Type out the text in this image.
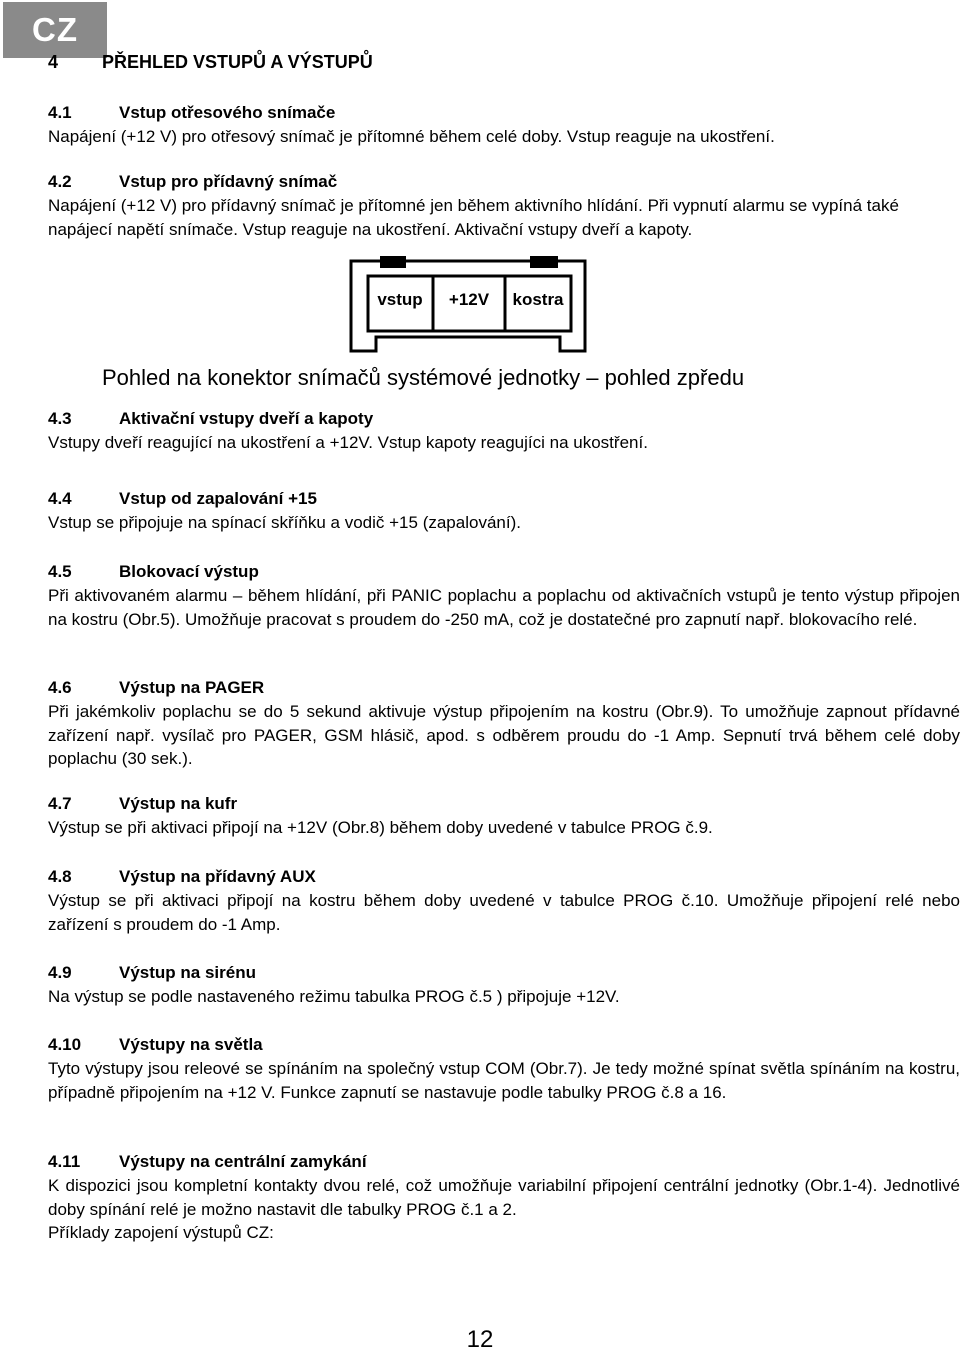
CZ
4 PŘEHLED VSTUPŮ A VÝSTUPŮ
4.1	Vstup otřesového snímače

Napájení (+12 V) pro otřesový snímač je přítomné během celé doby. Vstup reaguje na ukostření.

4.2	Vstup pro přídavný snímač

Napájení (+12 V) pro přídavný snímač je přítomné jen během aktivního hlídání. Při vypnutí alarmu se vypíná také napájecí napětí snímače. Vstup reaguje na ukostření. Aktivační vstupy dveří a kapoty.

vstup +12V kostra

Pohled na konektor snímačů systémové jednotky – pohled zpředu

4.3	Aktivační vstupy dveří a kapoty

Vstupy dveří reagující na ukostření a +12V. Vstup kapoty reagujíci na ukostření.

4.4	Vstup od zapalování +15

Vstup se připojuje na spínací skříňku a vodič +15 (zapalování).

4.5	Blokovací výstup

Při aktivovaném alarmu – během hlídání, při PANIC poplachu a poplachu od aktivačních vstupů je tento výstup připojen na kostru (Obr.5). Umožňuje pracovat s proudem do -250 mA, což je dostatečné pro zapnutí např. blokovacího relé.

4.6	Výstup na PAGER

Při jakémkoliv poplachu se do 5 sekund aktivuje výstup připojením na kostru (Obr.9). To umožňuje zapnout přídavné zařízení např. vysílač pro PAGER, GSM hlásič, apod. s odběrem proudu do -1 Amp. Sepnutí trvá během celé doby poplachu (30 sek.).

4.7	Výstup na kufr

Výstup se při aktivaci připojí na +12V (Obr.8) během doby uvedené v tabulce PROG č.9.

4.8	Výstup na přídavný AUX

Výstup se při aktivaci připojí na kostru během doby uvedené v tabulce PROG č.10. Umožňuje připojení relé nebo zařízení s proudem do -1 Amp.

4.9	Výstup na sirénu

Na výstup se podle nastaveného režimu tabulka PROG č.5 ) připojuje +12V.

4.10 Výstupy na světla

Tyto výstupy jsou releové se spínáním na společný vstup COM (Obr.7). Je tedy možné spínat světla spínáním na kostru, případně připojením na +12 V. Funkce zapnutí se nastavuje podle tabulky PROG č.8 a 16.

4.11 Výstupy na centrální zamykání

K dispozici jsou kompletní kontakty dvou relé, což umožňuje variabilní připojení centrální jednotky (Obr.1-4). Jednotlivé doby spínání relé je možno nastavit dle tabulky PROG č.1 a 2.

Příklady zapojení výstupů CZ:

12
